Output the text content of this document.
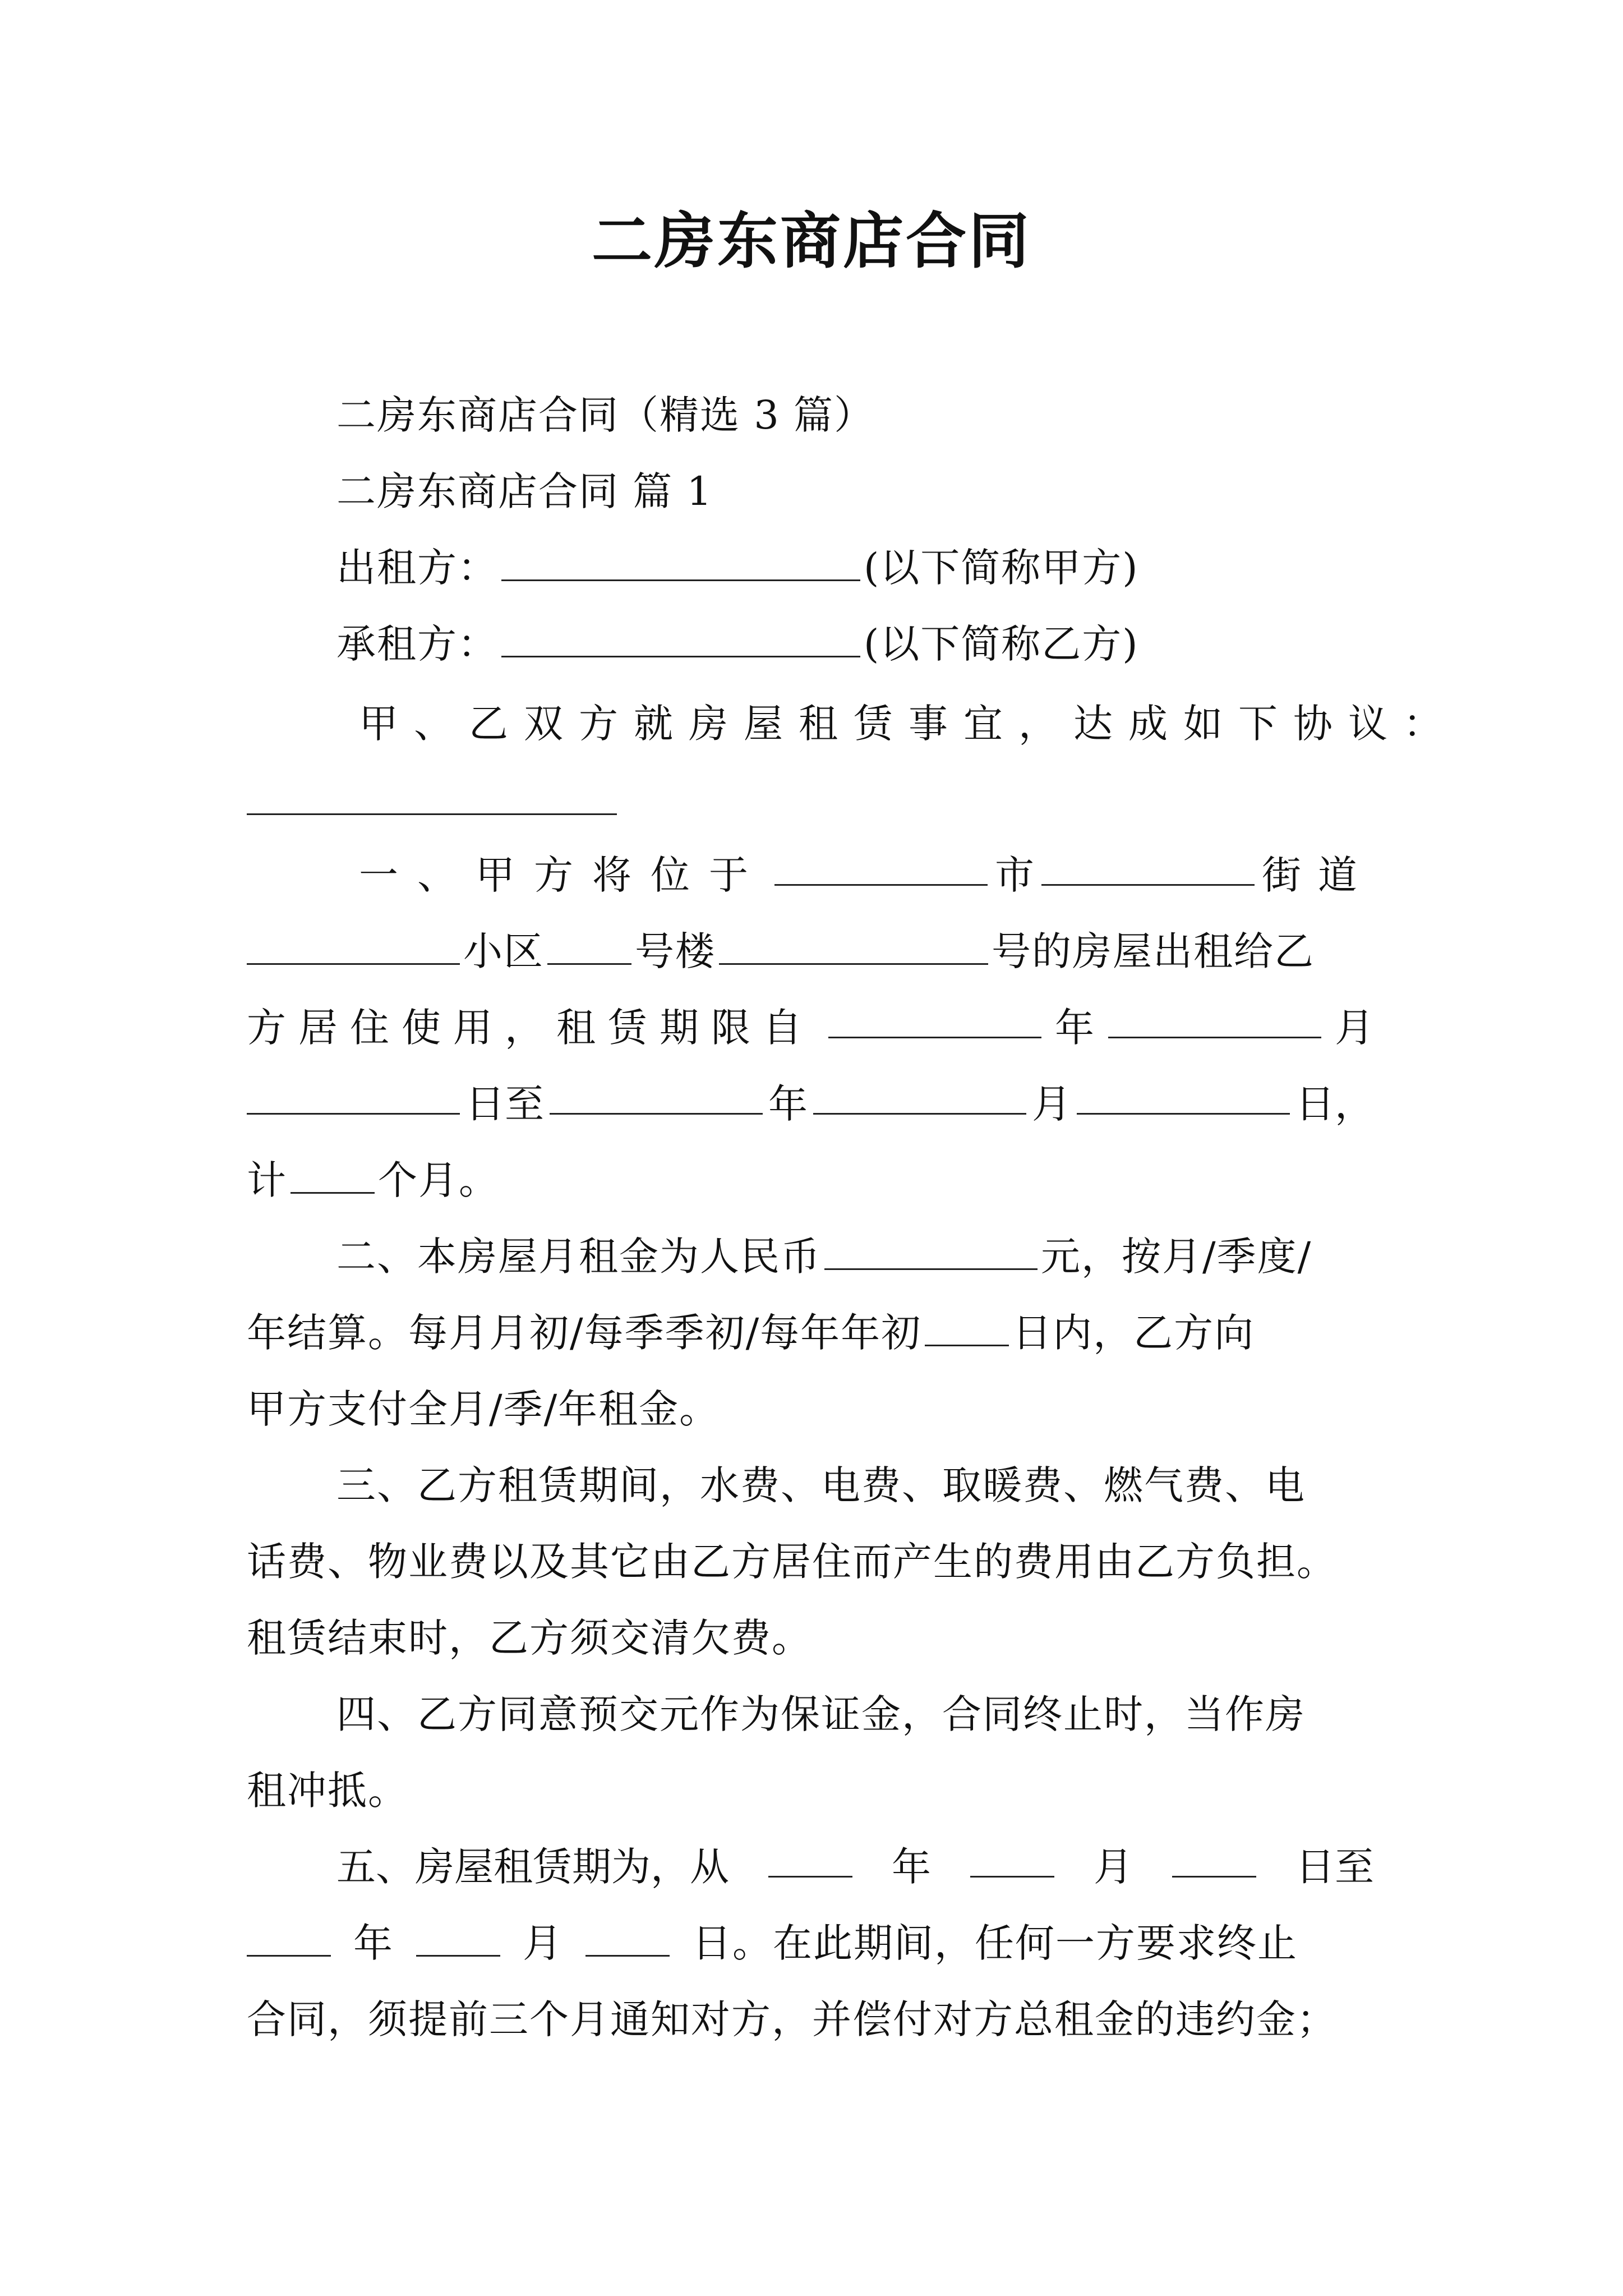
二房东商店合同
二房东商店合同（精选 3 篇）
二房东商店合同 篇 1
出租方：	(以下简称甲方)
承租方：	(以下简称乙方)
甲、乙双方就房屋租赁事宜，达成如下协议：
一、甲方将位于	市	街道
小区 号楼	号的房屋出租给乙
方居住使用，租赁期限自	年	月
日至	年	月	日，
计 个月。
二、本房屋月租金为人民币	元，按月/季度/
年结算。每月月初/每季季初/每年年初 日内，乙方向
甲方支付全月/季/年租金。
三、乙方租赁期间，水费、电费、取暖费、燃气费、电
话费、物业费以及其它由乙方居住而产生的费用由乙方负担。
租赁结束时，乙方须交清欠费。
四、乙方同意预交元作为保证金，合同终止时，当作房
租冲抵。
五、房屋租赁期为，从	年	月	日至
年	月	日。在此期间，任何一方要求终止
合同，须提前三个月通知对方，并偿付对方总租金的违约金；
